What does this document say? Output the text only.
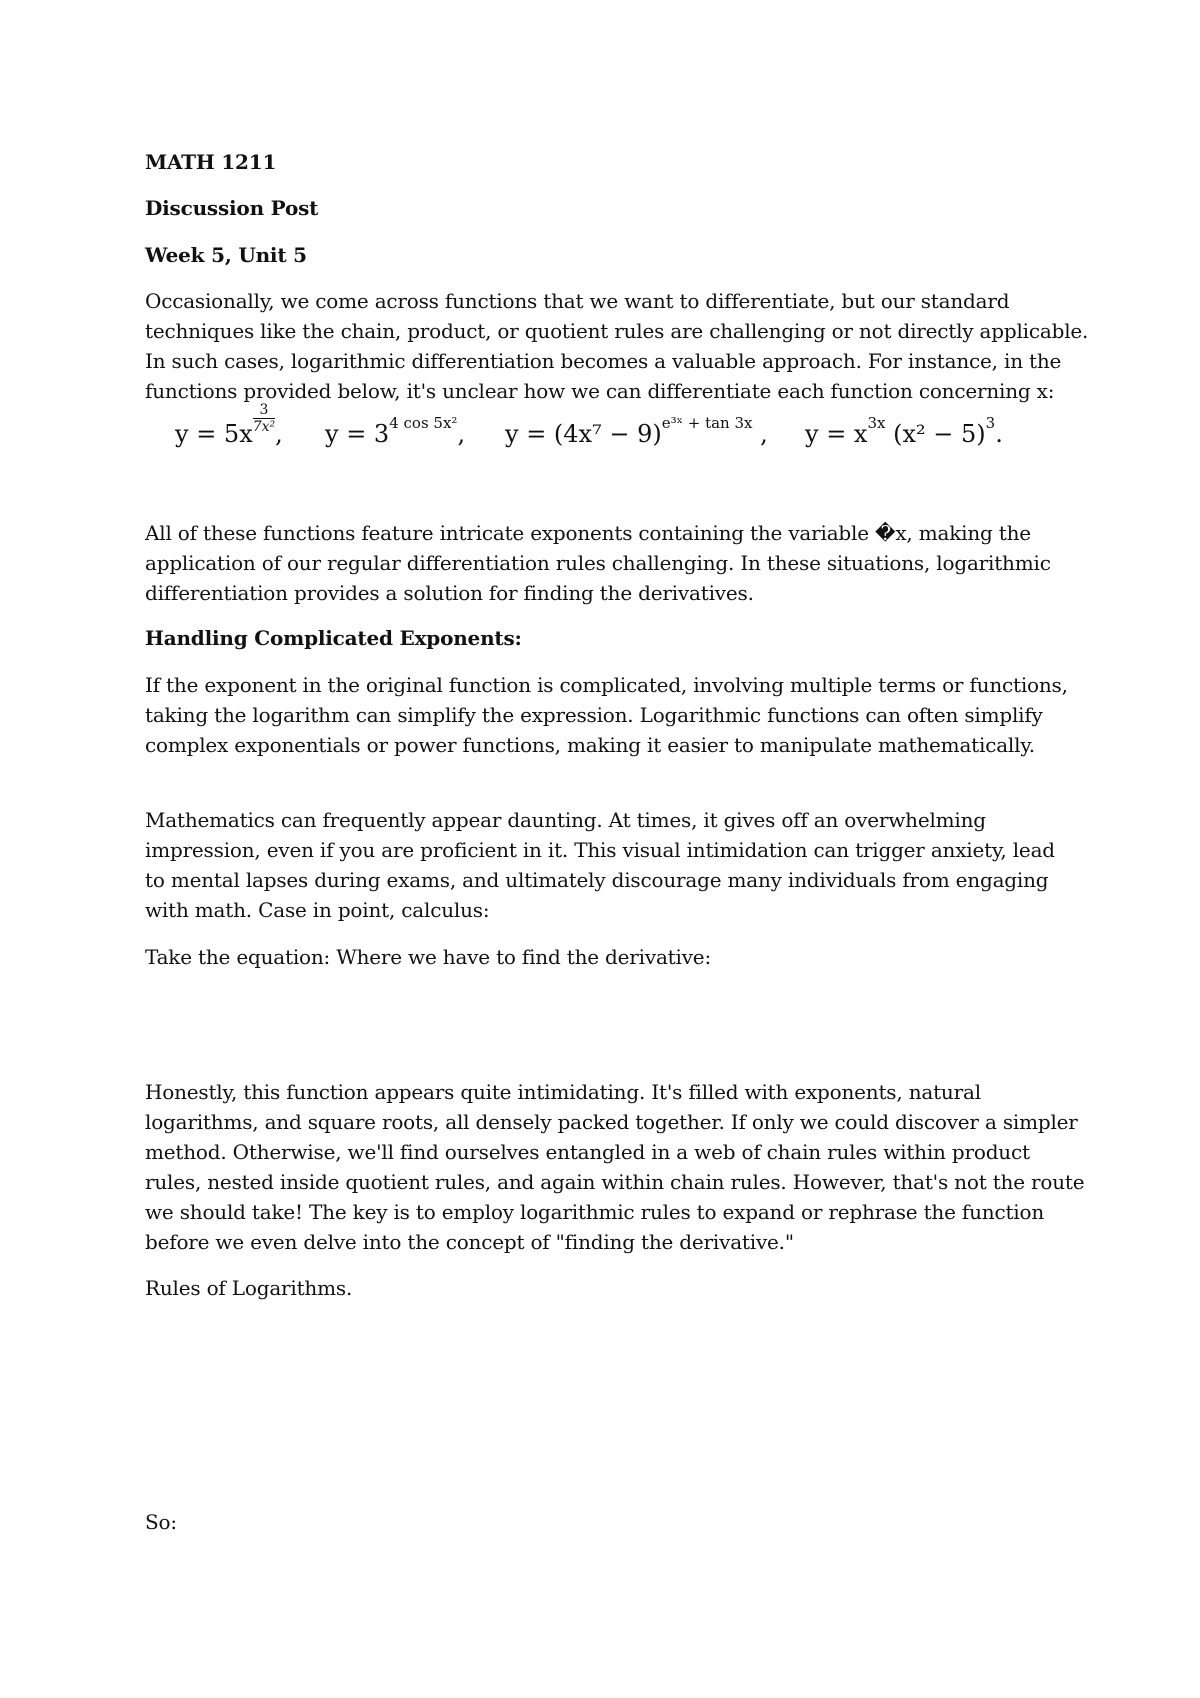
MATH 1211
Discussion Post
Week 5, Unit 5
Occasionally, we come across functions that we want to differentiate, but our standard
techniques like the chain, product, or quotient rules are challenging or not directly applicable.
In such cases, logarithmic differentiation becomes a valuable approach. For instance, in the
functions provided below, it's unclear how we can differentiate each function concerning x:
$y = 5x \frac{3}{\text{7x²}}$ , $y = 3^{4 cos 5x^2}$, $y = (4x^7 - 9)^{e^3ˣ + tan 3x}$ , $y = x^{3x}$ $(x^2 - 5)^3$.
All of these functions feature intricate exponents containing the variable �x, making the
application of our regular differentiation rules challenging. In these situations, logarithmic
differentiation provides a solution for finding the derivatives.
Handling Complicated Exponents:
If the exponent in the original function is complicated, involving multiple terms or functions,
taking the logarithm can simplify the expression. Logarithmic functions can often simplify
complex exponentials or power functions, making it easier to manipulate mathematically.
Mathematics can frequently appear daunting. At times, it gives off an overwhelming
impression, even if you are proficient in it. This visual intimidation can trigger anxiety, lead
to mental lapses during exams, and ultimately discourage many individuals from engaging
with math. Case in point, calculus:
Take the equation: Where we have to find the derivative:
Honestly, this function appears quite intimidating. It's filled with exponents, natural
logarithms, and square roots, all densely packed together. If only we could discover a simpler
method. Otherwise, we'll find ourselves entangled in a web of chain rules within product
rules, nested inside quotient rules, and again within chain rules. However, that's not the route
we should take! The key is to employ logarithmic rules to expand or rephrase the function
before we even delve into the concept of "finding the derivative."
Rules of Logarithms.
So:
